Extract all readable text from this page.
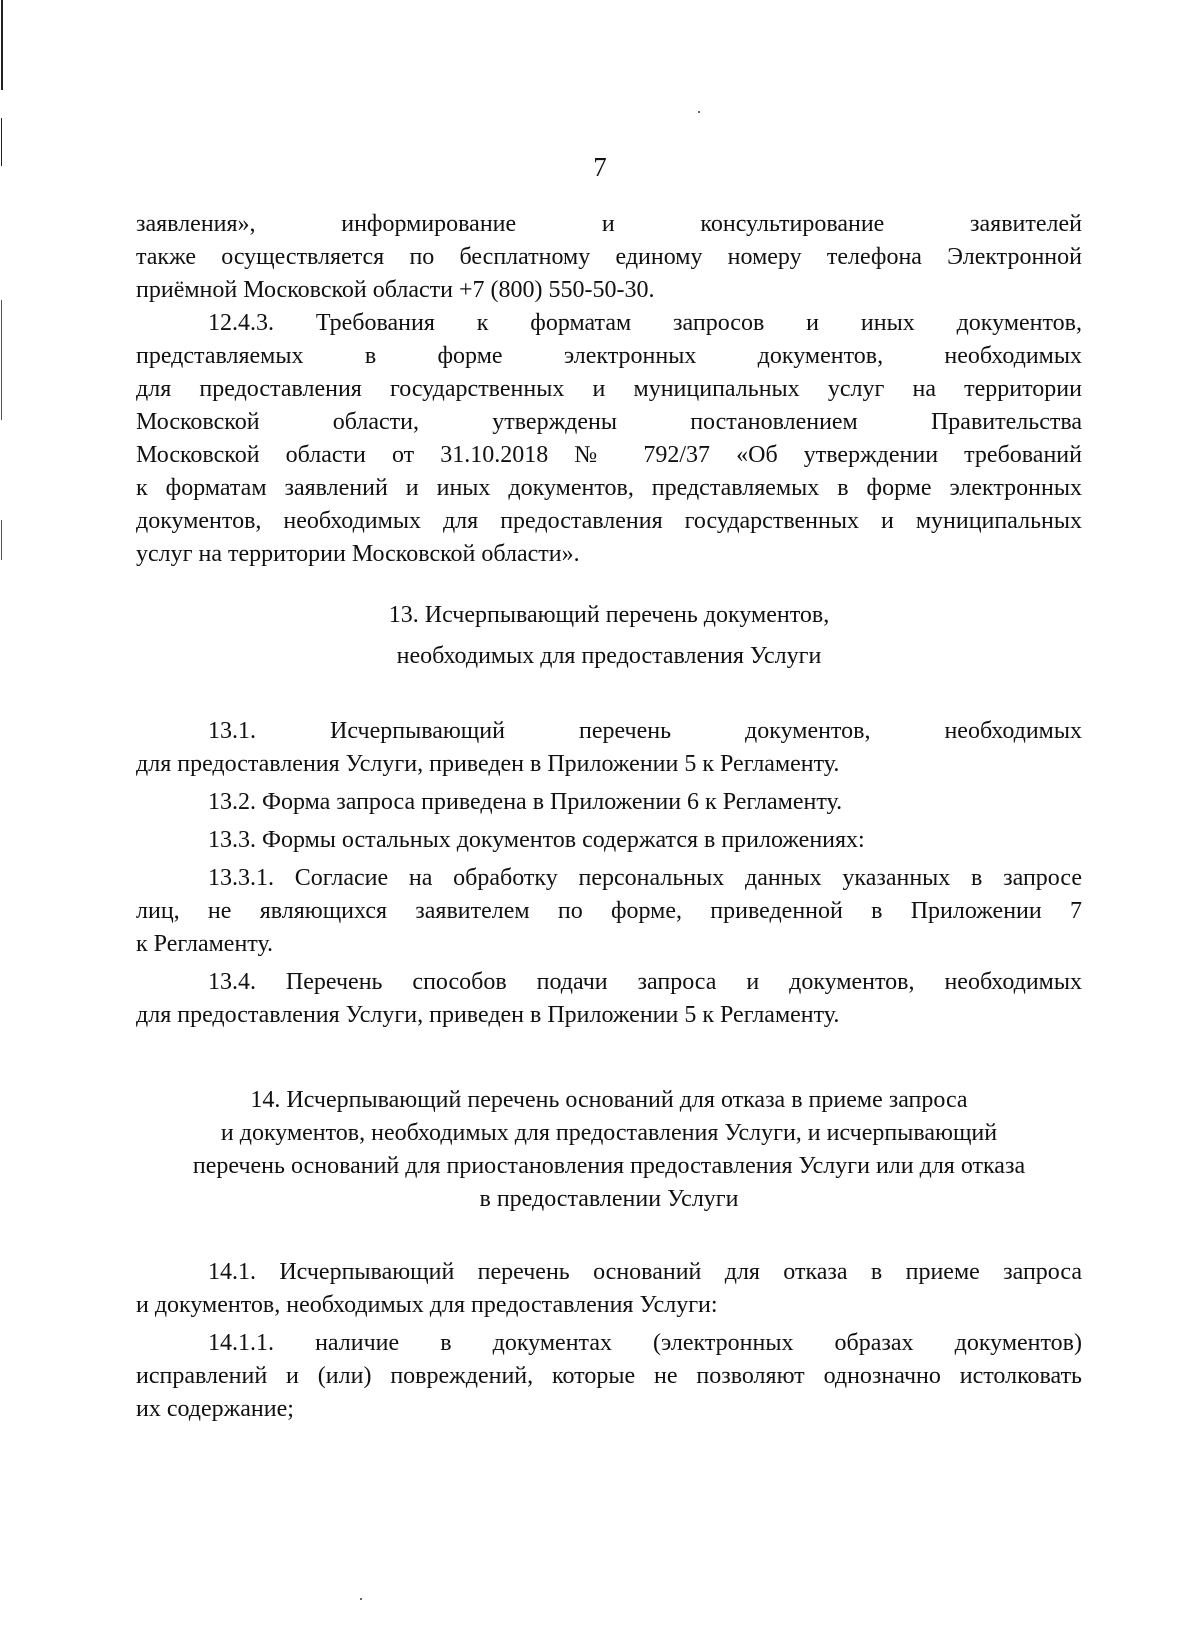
7
заявления», информирование и консультирование заявителей
также осуществляется по бесплатному единому номеру телефона Электронной
приёмной Московской области +7 (800) 550-50-30.
12.4.3. Требования к форматам запросов и иных документов,
представляемых в форме электронных документов, необходимых
для предоставления государственных и муниципальных услуг на территории
Московской области, утверждены постановлением Правительства
Московской области от 31.10.2018 № 792/37 «Об утверждении требований
к форматам заявлений и иных документов, представляемых в форме электронных
документов, необходимых для предоставления государственных и муниципальных
услуг на территории Московской области».
13. Исчерпывающий перечень документов,
необходимых для предоставления Услуги
13.1. Исчерпывающий перечень документов, необходимых
для предоставления Услуги, приведен в Приложении 5 к Регламенту.
13.2. Форма запроса приведена в Приложении 6 к Регламенту.
13.3. Формы остальных документов содержатся в приложениях:
13.3.1. Согласие на обработку персональных данных указанных в запросе
лиц, не являющихся заявителем по форме, приведенной в Приложении 7
к Регламенту.
13.4. Перечень способов подачи запроса и документов, необходимых
для предоставления Услуги, приведен в Приложении 5 к Регламенту.
14. Исчерпывающий перечень оснований для отказа в приеме запроса
и документов, необходимых для предоставления Услуги, и исчерпывающий
перечень оснований для приостановления предоставления Услуги или для отказа
в предоставлении Услуги
14.1. Исчерпывающий перечень оснований для отказа в приеме запроса
и документов, необходимых для предоставления Услуги:
14.1.1. наличие в документах (электронных образах документов)
исправлений и (или) повреждений, которые не позволяют однозначно истолковать
их содержание;
